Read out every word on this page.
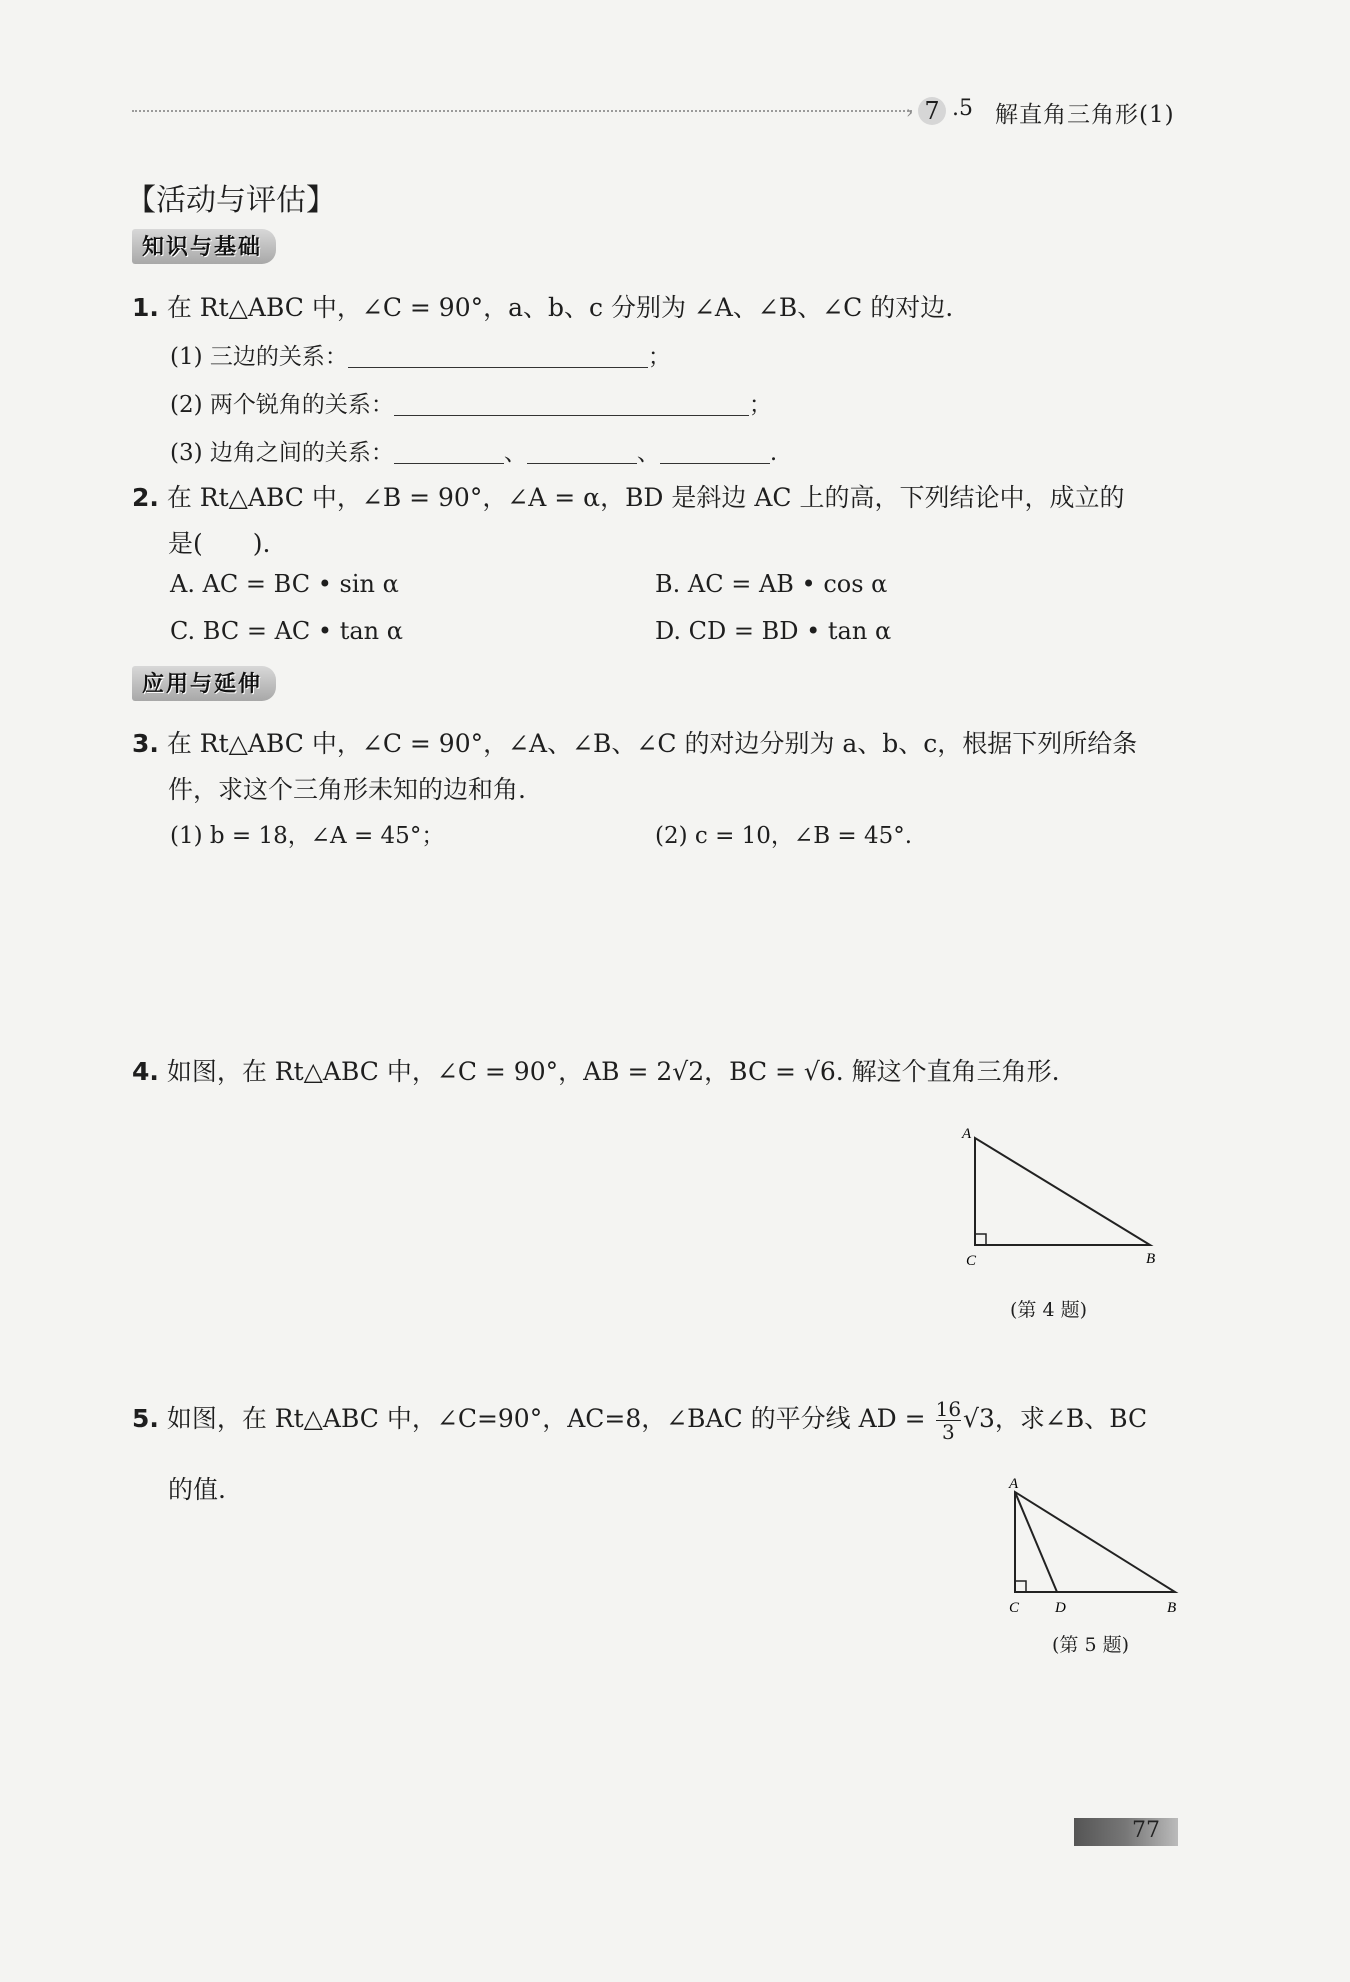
› 7 .5 解直角三角形(1)
【活动与评估】
知识与基础
1. 在 Rt△ABC 中，∠C = 90°，a、b、c 分别为 ∠A、∠B、∠C 的对边.
(1) 三边的关系：	；
(2) 两个锐角的关系：	；
(3) 边角之间的关系：	、	、	.
2. 在 Rt△ABC 中，∠B = 90°，∠A = α，BD 是斜边 AC 上的高，下列结论中，成立的
是(　　).
A. AC = BC • sin α	B. AC = AB • cos α
C. BC = AC • tan α	D. CD = BD • tan α
应用与延伸
3. 在 Rt△ABC 中，∠C = 90°，∠A、∠B、∠C 的对边分别为 a、b、c，根据下列所给条
件，求这个三角形未知的边和角.
(1) b = 18，∠A = 45°；	(2) c = 10，∠B = 45°.
4. 如图，在 Rt△ABC 中，∠C = 90°，AB = 2√2，BC = √6. 解这个直角三角形.
A
C	B
(第 4 题)
5. 如图，在 Rt△ABC 中，∠C=90°，AC=8，∠BAC 的平分线 AD = $\frac{16}{3} √3$，求∠B、BC
的值.	A
C D	B
(第 5 题)
77
